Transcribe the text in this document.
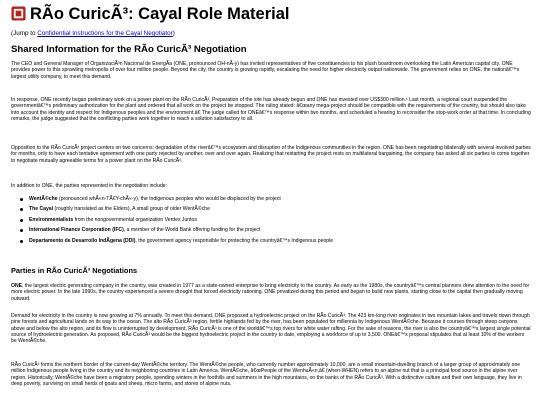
RÃo CuricÃ³: Cayal Role Material
(Jump to Confidential Instructions for the Cayal Negotiator)
Shared Information for the RÃo CuricÃ³ Negotiation

The CEO and General Manager of OrganizaciÃ³n Nacional de EnergÃa (ONE, pronounced OH-nÃ-y) has invited representatives of five constituencies to his plush boardroom overlooking the Latin American capital city. ONE provides power to this sprawling metropolis of over four million people. Beyond the city, the country is growing rapidly, escalating the need for higher electricity output nationwide. The government relies on ONE, the nationâ€™s largest utility company, to meet this demand.

In response, ONE recently began preliminary work on a power plant on the RÃo CuricÃ³. Preparation of the site has already begun and ONE has invested over US$300 million.¹ Last month, a regional court suspended the governmentâ€™s preliminary authorization for the plant and ordered that all work on the project be stopped. The ruling stated: â€œany mega-project should be compatible with the requirements of the country, but should also take into account the identity and respect for Indigenous peoples and the environment.â€ The judge called for ONEâ€™s response within two months, and scheduled a hearing to reconsider the stop-work order at that time. In concluding remarks, the judge suggested that the conflicting parties work together to reach a solution satisfactory to all.

Opposition to the RÃo CuricÃ³ project centers on two concerns: degradation of the riverâ€™s ecosystem and disruption of the Indigenous communities in the region. ONE has been negotiating bilaterally with several involved parties for months, only to have each tentative agreement with one party rejected by another, over and over again. Realizing that restarting the project rests on multilateral bargaining, the company has asked all six parties to come together to negotiate mutually agreeable terms for a power plant on the RÃo CuricÃ³.

In addition to ONE, the parties represented in the negotiation include:

WentÃ©che (pronounced whÃ«n-TÃ€Y-chÃ«-y), the Indigenous peoples who would be displaced by the project
The Cayal (roughly translated as the Elders), A small group of older WentÃ©che
Environmentalists from the nongovernmental organization Verdes Juntos
International Finance Corporation (IFC), a member of the World Bank offering funding for the project
Departamento de Desarrollo IndÃgena (DDI), the government agency responsible for protecting the countryâ€™s Indigenous people
Parties in RÃo CuricÃ³ Negotiations

ONE, the largest electric generating company in the country, was created in 1977 as a state-owned enterprise to bring electricity to the country. As early as the 1980s, the countryâ€™s central planners drew attention to the need for more electric power. In the late 1990s, the country experienced a severe drought that forced electricity rationing. ONE privatized during this period and began to build new plants, starting close to the capital then gradually moving outward.

Demand for electricity in the country is now growing at 7% annually. To meet this demand, ONE proposed a hydroelectric project on the RÃo CuricÃ³. The 423 km-long river originates in two mountain lakes and travels down through pine forests and agricultural lands on its way to the ocean. The alto RÃo CuricÃ³ region, fertile highlands fed by the river, has been populated for millennia by Indigenous WentÃ©che. Because it courses through steep canyons above and below the alto region, and its flow is uninterrupted by development, RÃo CuricÃ³ is one of the worldâ€™s top rivers for white water rafting. For the sake of reasons, the river is also the countryâ€™s largest single potential source of hydroelectric generation. As proposed, RÃo CuricÃ³ would be the biggest hydroelectric project in the country to date, employing a workforce of up to 3,500. ONEâ€™s proposal stipulates that at least 10% of the workers be WentÃ©che.

RÃo CuricÃ³ forms the northern border of the current-day WentÃ©che territory. The WentÃ©che people, who currently number approximately 10,000, are a small mountain-dwelling branch of a larger group of approximately one million Indigenous people living in the country and its neighboring countries in Latin America. WentÃ©che, â€œPeople of the WenhuÃ«n,â€ (when-WHEN) refers to an alpine nut that is a principal food source in the alpine river region. Historically, WentÃ©che have been a migratory people, spending winters in the foothills and summers in the high mountains, on the banks of the RÃo CuricÃ³. With a distinctive culture and their own language, they live in deep poverty, surviving on small herds of goats and sheep, micro farms, and stores of alpine nuts.
